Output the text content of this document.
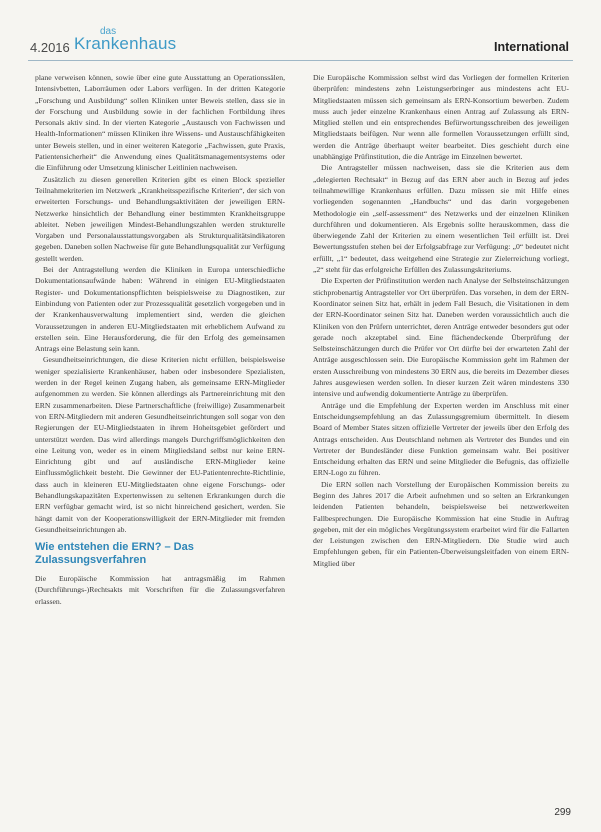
4.2016
das
Krankenhaus	International

plane verweisen können, sowie über eine gute Ausstattung an Operationssälen, Intensivbetten, Laborräumen oder Labors verfügen. In der dritten Kategorie „Forschung und Ausbildung“ sollen Kliniken unter Beweis stellen, dass sie in der Forschung und Ausbildung sowie in der fachlichen Fortbildung ihres Personals aktiv sind. In der vierten Kategorie „Austausch von Fachwissen und Health-Informationen“ müssen Kliniken ihre Wissens- und Austauschfähigkeiten unter Beweis stellen, und in einer weiteren Kategorie „Fachwissen, gute Praxis, Patientensicherheit“ die Anwendung eines Qualitätsmanagementsystems oder die Einführung oder Umsetzung klinischer Leitlinien nachweisen.

Zusätzlich zu diesen generellen Kriterien gibt es einen Block spezieller Teilnahmekriterien im Netzwerk „Krankheitsspezifische Kriterien“, der sich von erweiterten Forschungs- und Behandlungsaktivitäten der jeweiligen ERN-Netzwerke hinsichtlich der Behandlung einer bestimmten Krankheitsgruppe ableitet. Neben jeweiligen Mindest-Behandlungszahlen werden strukturelle Vorgaben und Personalausstattungsvorgaben als Strukturqualitätsindikatoren gegeben. Daneben sollen Nachweise für gute Behandlungsqualität zur Verfügung gestellt werden.

Bei der Antragstellung werden die Kliniken in Europa unterschiedliche Dokumentationsaufwände haben: Während in einigen EU-Mitgliedstaaten Register- und Dokumentationspflichten beispielsweise zu Diagnostiken, zur Einbindung von Patienten oder zur Prozessqualität gesetzlich vorgegeben und in der Krankenhausverwaltung implementiert sind, werden die gleichen Voraussetzungen in anderen EU-Mitgliedstaaten mit erheblichem Aufwand zu erstellen sein. Eine Herausforderung, die für den Erfolg des gemeinsamen Antrags eine Belastung sein kann.

Gesundheitseinrichtungen, die diese Kriterien nicht erfüllen, beispielsweise weniger spezialisierte Krankenhäuser, haben oder insbesondere Spezialisten, werden in der Regel keinen Zugang haben, als gemeinsame ERN-Mitglieder aufgenommen zu werden. Sie können allerdings als Partnereinrichtung mit den ERN zusammenarbeiten. Diese Partnerschaftliche (freiwillige) Zusammenarbeit von ERN-Mitgliedern mit anderen Gesundheitseinrichtungen soll sogar von den Regierungen der EU-Mitgliedstaaten in ihrem Hoheitsgebiet gefördert und unterstützt werden. Das wird allerdings mangels Durchgriffsmöglichkeiten den eine Leitung von, weder es in einem Mitgliedsland selbst nur keine ERN-Einrichtung gibt und auf ausländische ERN-Mitglieder keine Einflussmöglichkeit besteht. Die Gewinner der EU-Patientenrechte-Richtlinie, dass auch in kleineren EU-Mitgliedstaaten ohne eigene Forschungs- oder Behandlungskapazitäten Expertenwissen zu seltenen Erkrankungen durch die ERN verfügbar gemacht wird, ist so nicht hinreichend gesichert, werden. Sie hängt damit von der Kooperationswilligkeit der ERN-Mitglieder mit fremden Gesundheitseinrichtungen ab.

Wie entstehen die ERN? – Das Zulassungsverfahren

Die Europäische Kommission hat antragsmäßig im Rahmen (Durchführungs-)Rechtsakts mit Vorschriften für die Zulassungsverfahren erlassen.

Die Europäische Kommission selbst wird das Vorliegen der formellen Kriterien überprüfen: mindestens zehn Leistungserbringer aus mindestens acht EU-Mitgliedstaaten müssen sich gemeinsam als ERN-Konsortium bewerben. Zudem muss auch jeder einzelne Krankenhaus einen Antrag auf Zulassung als ERN-Mitglied stellen und ein entsprechendes Befürwortungsschreiben des jeweiligen Mitgliedstaats beifügen. Nur wenn alle formellen Voraussetzungen erfüllt sind, werden die Anträge überhaupt weiter bearbeitet. Dies geschieht durch eine unabhängige Prüfinstitution, die die Anträge im Einzelnen bewertet.

Die Antragsteller müssen nachweisen, dass sie die Kriterien aus dem „delegierten Rechtsakt“ in Bezug auf das ERN aber auch in Bezug auf jedes teilnahmewillige Krankenhaus erfüllen. Dazu müssen sie mit Hilfe eines vorliegenden sogenannten „Handbuchs“ und das darin vorgegebenen Methodologie ein „self-assessment“ des Netzwerks und der einzelnen Kliniken durchführen und dokumentieren. Als Ergebnis sollte herauskommen, dass die überwiegende Zahl der Kriterien zu einem wesentlichen Teil erfüllt ist. Drei Bewertungsstufen stehen bei der Erfolgsabfrage zur Verfügung: „0“ bedeutet nicht erfüllt, „1“ bedeutet, dass weitgehend eine Strategie zur Zielerreichung vorliegt, „2“ steht für das erfolgreiche Erfüllen des Zulassungskriteriums.

Die Experten der Prüfinstitution werden nach Analyse der Selbsteinschätzungen stichprobenartig Antragsteller vor Ort überprüfen. Das vorsehen, in dem der ERN-Koordinator seinen Sitz hat, erhält in jedem Fall Besuch, die Visitationen in dem der ERN-Koordinator seinen Sitz hat. Daneben werden voraussichtlich auch die Kliniken von den Prüfern unterrichtet, deren Anträge entweder besonders gut oder gerade noch akzeptabel sind. Eine flächendeckende Überprüfung der Selbsteinschätzungen durch die Prüfer vor Ort dürfte bei der erwarteten Zahl der Anträge ausgeschlossen sein. Die Europäische Kommission geht im Rahmen der ersten Ausschreibung von mindestens 30 ERN aus, die bereits im Dezember dieses Jahres ausgewiesen werden sollen. In dieser kurzen Zeit wären mindestens 330 intensive und aufwendig dokumentierte Anträge zu überprüfen.

Anträge und die Empfehlung der Experten werden im Anschluss mit einer Entscheidungsempfehlung an das Zulassungsgremium übermittelt. In diesem Board of Member States sitzen offizielle Vertreter der jeweils über den Erfolg des Antrags entscheiden. Aus Deutschland nehmen als Vertreter des Bundes und ein Vertreter der Bundesländer diese Funktion gemeinsam wahr. Bei positiver Entscheidung erhalten das ERN und seine Mitglieder die Befugnis, das offizielle ERN-Logo zu führen.

Die ERN sollen nach Vorstellung der Europäischen Kommission bereits zu Beginn des Jahres 2017 die Arbeit aufnehmen und so selten an Erkrankungen leidenden Patienten behandeln, beispielsweise bei netzwerkweiten Fallbesprechungen. Die Europäische Kommission hat eine Studie in Auftrag gegeben, mit der ein mögliches Vergütungssystem erarbeitet wird für die Fallarten der Leistungen zwischen den ERN-Mitgliedern. Die Studie wird auch Empfehlungen geben, für ein Patienten-Überweisungsleitfaden von einem ERN-Mitglied über

299
